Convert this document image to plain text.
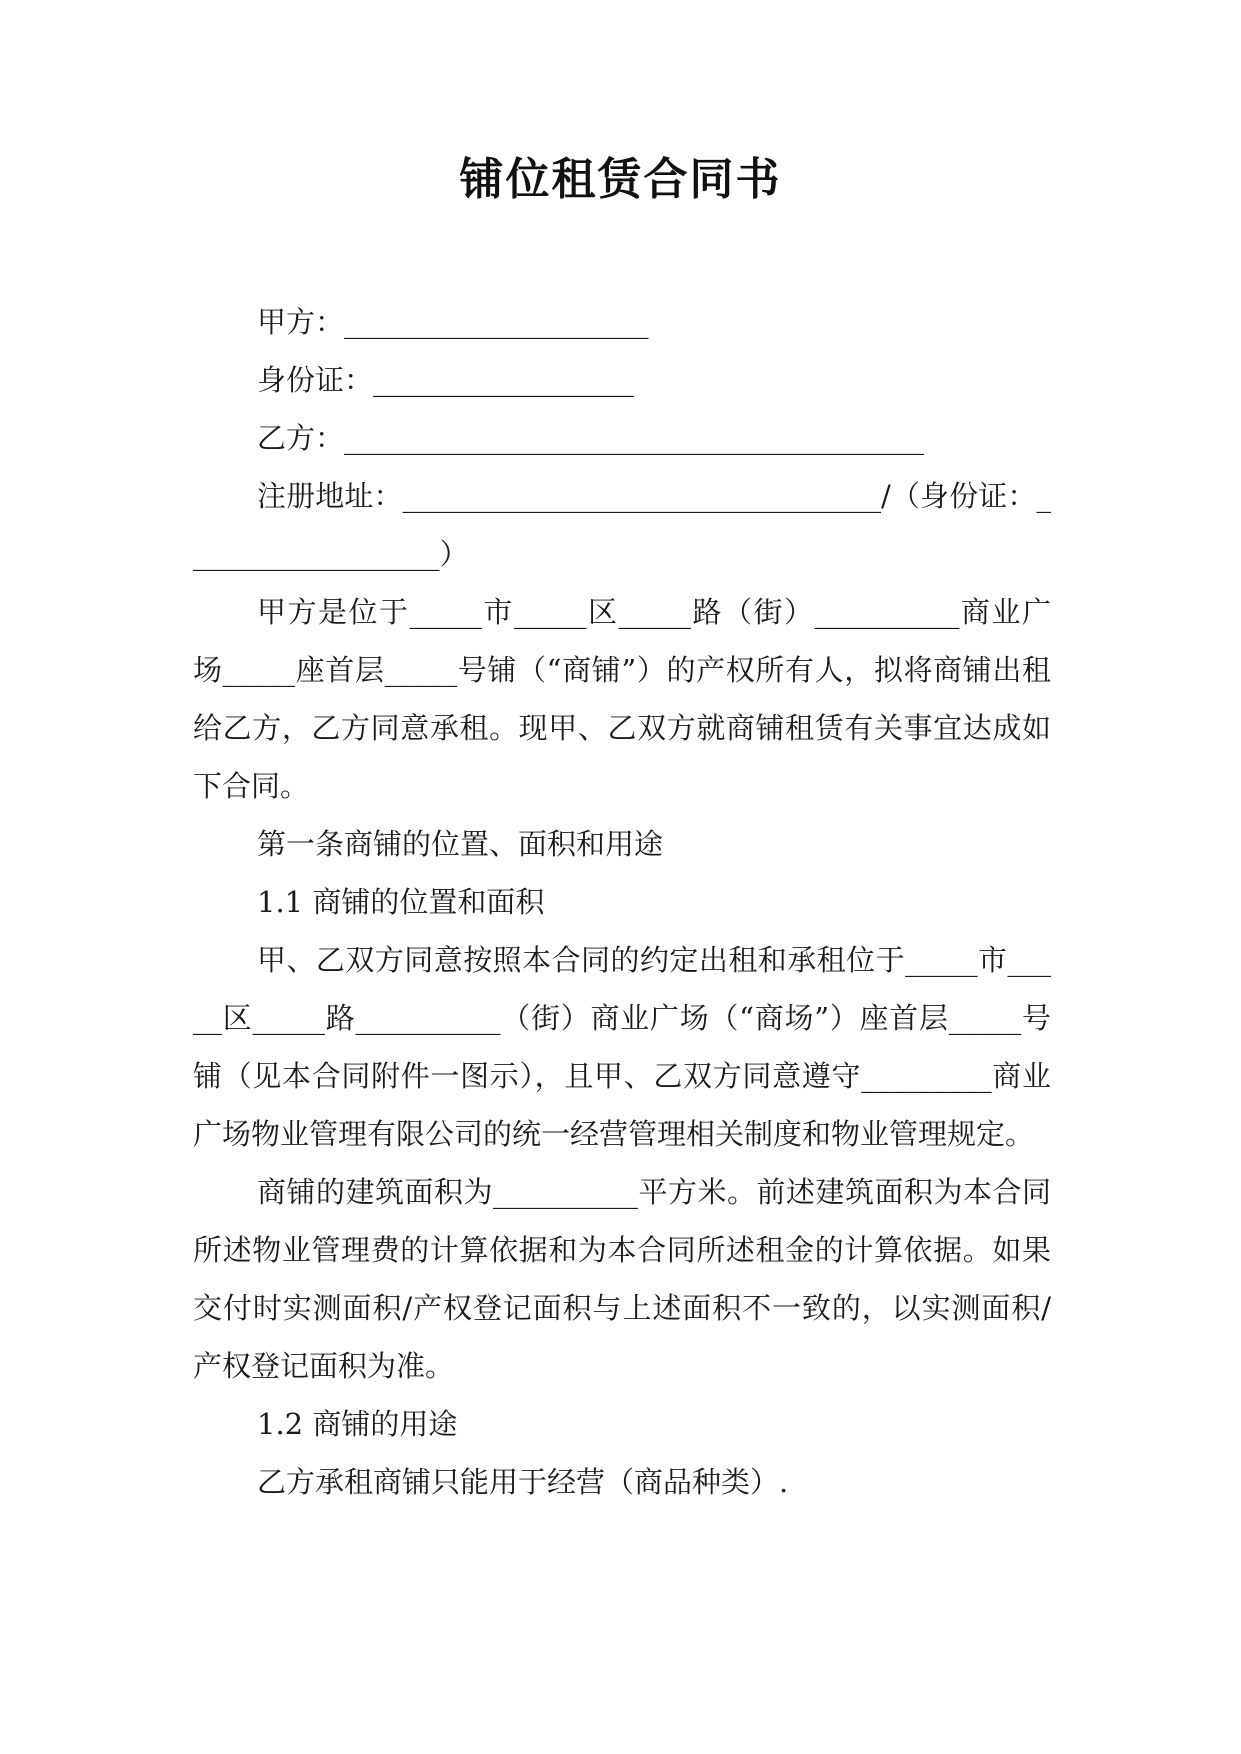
铺位租赁合同书

甲方：_____________________

身份证：__________________

乙方：________________________________________

注册地址：_________________________________/（身份证：__________________）

甲方是位于_____市_____区_____路（街）__________商业广场_____座首层_____号铺（“商铺”）的产权所有人，拟将商铺出租给乙方，乙方同意承租。现甲、乙双方就商铺租赁有关事宜达成如下合同。

第一条商铺的位置、面积和用途

1.1 商铺的位置和面积

甲、乙双方同意按照本合同的约定出租和承租位于_____市_____区_____路__________（街）商业广场（“商场”）座首层_____号铺（见本合同附件一图示），且甲、乙双方同意遵守_________商业广场物业管理有限公司的统一经营管理相关制度和物业管理规定。

商铺的建筑面积为__________平方米。前述建筑面积为本合同所述物业管理费的计算依据和为本合同所述租金的计算依据。如果交付时实测面积/产权登记面积与上述面积不一致的，以实测面积/产权登记面积为准。

1.2 商铺的用途

乙方承租商铺只能用于经营（商品种类）.
